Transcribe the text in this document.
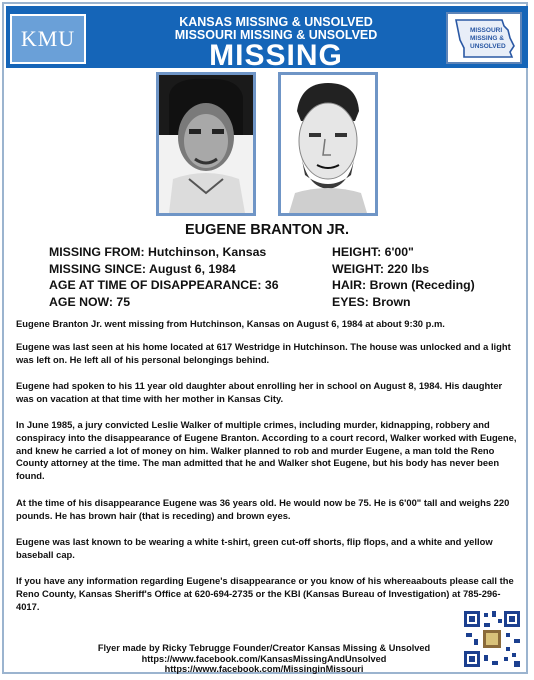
KANSAS MISSING & UNSOLVED
MISSOURI MISSING & UNSOLVED
MISSING
KMU	MISSOURI
MISSING &
UNSOLVED
EUGENE BRANTON JR.
MISSING FROM: Hutchinson, Kansas
MISSING SINCE: August 6, 1984
AGE AT TIME OF DISAPPEARANCE: 36
AGE NOW: 75
HEIGHT: 6'00"
WEIGHT: 220 lbs
HAIR: Brown (Receding)
EYES: Brown
Eugene Branton Jr. went missing from Hutchinson, Kansas on August 6, 1984 at about 9:30 p.m.
Eugene was last seen at his home located at 617 Westridge in Hutchinson. The house was unlocked and a light was left on. He left all of his personal belongings behind.
Eugene had spoken to his 11 year old daughter about enrolling her in school on August 8, 1984. His daughter was on vacation at that time with her mother in Kansas City.
In June 1985, a jury convicted Leslie Walker of multiple crimes, including murder, kidnapping, robbery and conspiracy into the disappearance of Eugene Branton. According to a court record, Walker worked with Eugene, and knew he carried a lot of money on him. Walker planned to rob and murder Eugene, a man told the Reno County attorney at the time. The man admitted that he and Walker shot Eugene, but his body has never been found.
At the time of his disappearance Eugene was 36 years old. He would now be 75. He is 6'00" tall and weighs 220 pounds. He has brown hair (that is receding) and brown eyes.
Eugene was last known to be wearing a white t-shirt, green cut-off shorts, flip flops, and a white and yellow baseball cap.
If you have any information regarding Eugene's disappearance or you know of his whereaabouts please call the Reno County, Kansas Sheriff's Office at 620-694-2735 or the KBI (Kansas Bureau of Investigation) at 785-296-4017.
Flyer made by Ricky Tebrugge Founder/Creator Kansas Missing & Unsolved
https://www.facebook.com/KansasMissingAndUnsolved
https://www.facebook.com/MissinginMissouri
